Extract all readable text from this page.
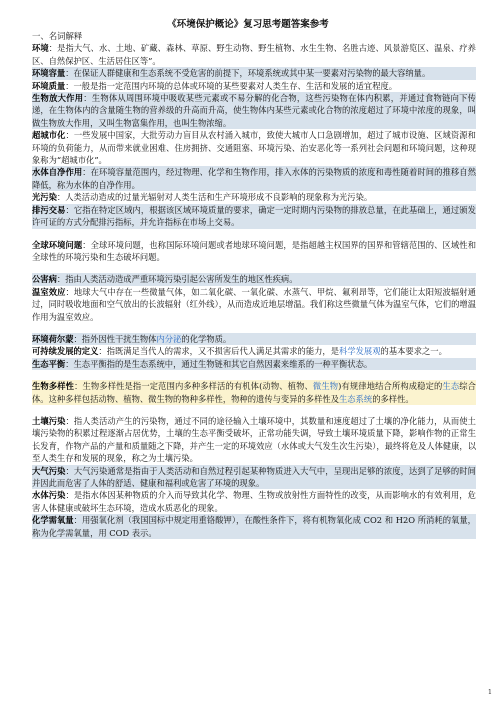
《环境保护概论》复习思考题答案参考
一、名词解释

环境：是指大气、水、土地、矿藏、森林、草原、野生动物、野生植物、水生生物、名胜古迹、风景游览区、温泉、疗养区、自然保护区、生活居住区等”。

环境容量：在保证人群健康和生态系统不受危害的前提下，环境系统或其中某一要素对污染物的最大容纳量。

环境质量：一般是指一定范围内环境的总体或环境的某些要素对人类生存、生活和发展的适宜程度。

生物放大作用：生物体从周围环境中吸收某些元素或不易分解的化合物，这些污染物在体内积累，并通过食物链向下传递，在生物体内的含量随生物的营养级的升高而升高，使生物体内某些元素或化合物的浓度超过了环境中浓度的现象，叫做生物放大作用，又叫生物富集作用，也叫生物浓缩。

超城市化：一些发展中国家，大批劳动力盲目从农村涌入城市，致使大城市人口急剧增加，超过了城市设施、区域资源和环境的负荷能力，从而带来就业困难、住房拥挤、交通阻塞、环境污染、治安恶化等一系列社会问题和环境问题，这种现象称为“超城市化”。

水体自净作用：在环境容量范围内，经过物理、化学和生物作用，排入水体的污染物质的浓度和毒性随着时间的推移自然降低，称为水体的自净作用。

光污染：人类活动造成的过量光辐射对人类生活和生产环境形成不良影响的现象称为光污染。

排污交易：它指在特定区域内，根据该区域环境质量的要求，确定一定时期内污染物的排放总量，在此基础上，通过颁发许可证的方式分配排污指标，并允许指标在市场上交易。

全球环境问题：全球环境问题，也称国际环境问题或者地球环境问题，是指超越主权国界的国界和管辖范围的、区域性和全球性的环境污染和生态破坏问题。

公害病：指由人类活动造成严重环境污染引起公害所发生的地区性疾病。

温室效应：地球大气中存在一些微量气体，如二氧化碳、一氧化碳、水蒸气、甲烷、氟利昂等，它们能让太阳短波辐射通过，同时吸收地面和空气放出的长波辐射（红外线），从而造成近地层增温。我们称这些微量气体为温室气体，它们的增温作用为温室效应。

环境荷尔蒙：指外因性干扰生物体内分泌的化学物质。

可持续发展的定义：指既满足当代人的需求，又不损害后代人满足其需求的能力，是科学发展观的基本要求之一。

生态平衡：生态平衡指的是生态系统中，通过生物链和其它自然因素来维系的一种平衡状态。

生物多样性：生物多样性是指一定范围内多种多样活的有机体(动物、植物、微生物)有规律地结合所构成稳定的生态综合体。这种多样包括动物、植物、微生物的物种多样性，物种的遗传与变异的多样性及生态系统的多样性。

土壤污染：指人类活动产生的污染物，通过不同的途径输入土壤环境中，其数量和速度超过了土壤的净化能力，从而使土壤污染物的积累过程逐渐占居优势，土壤的生态平衡受破坏，正常功能失调，导致土壤环境质量下降，影响作物的正常生长发育，作物产品的产量和质量随之下降，并产生一定的环境效应（水体或大气发生次生污染），最终将危及人体健康，以至人类生存和发展的现象，称之为土壤污染。

大气污染：大气污染通常是指由于人类活动和自然过程引起某种物质进入大气中，呈现出足够的浓度，达到了足够的时间并因此而危害了人体的舒适、健康和福利或危害了环境的现象。

水体污染：是指水体因某种物质的介入而导致其化学、物理、生物或放射性方面特性的改变，从而影响水的有效利用，危害人体健康或破坏生态环境，造成水质恶化的现象。

化学需氧量：用强氧化剂（我国国标中规定用重铬酸钾），在酸性条件下，将有机物氧化成 CO2 和 H2O 所消耗的氧量，称为化学需氧量，用 COD 表示。

1
